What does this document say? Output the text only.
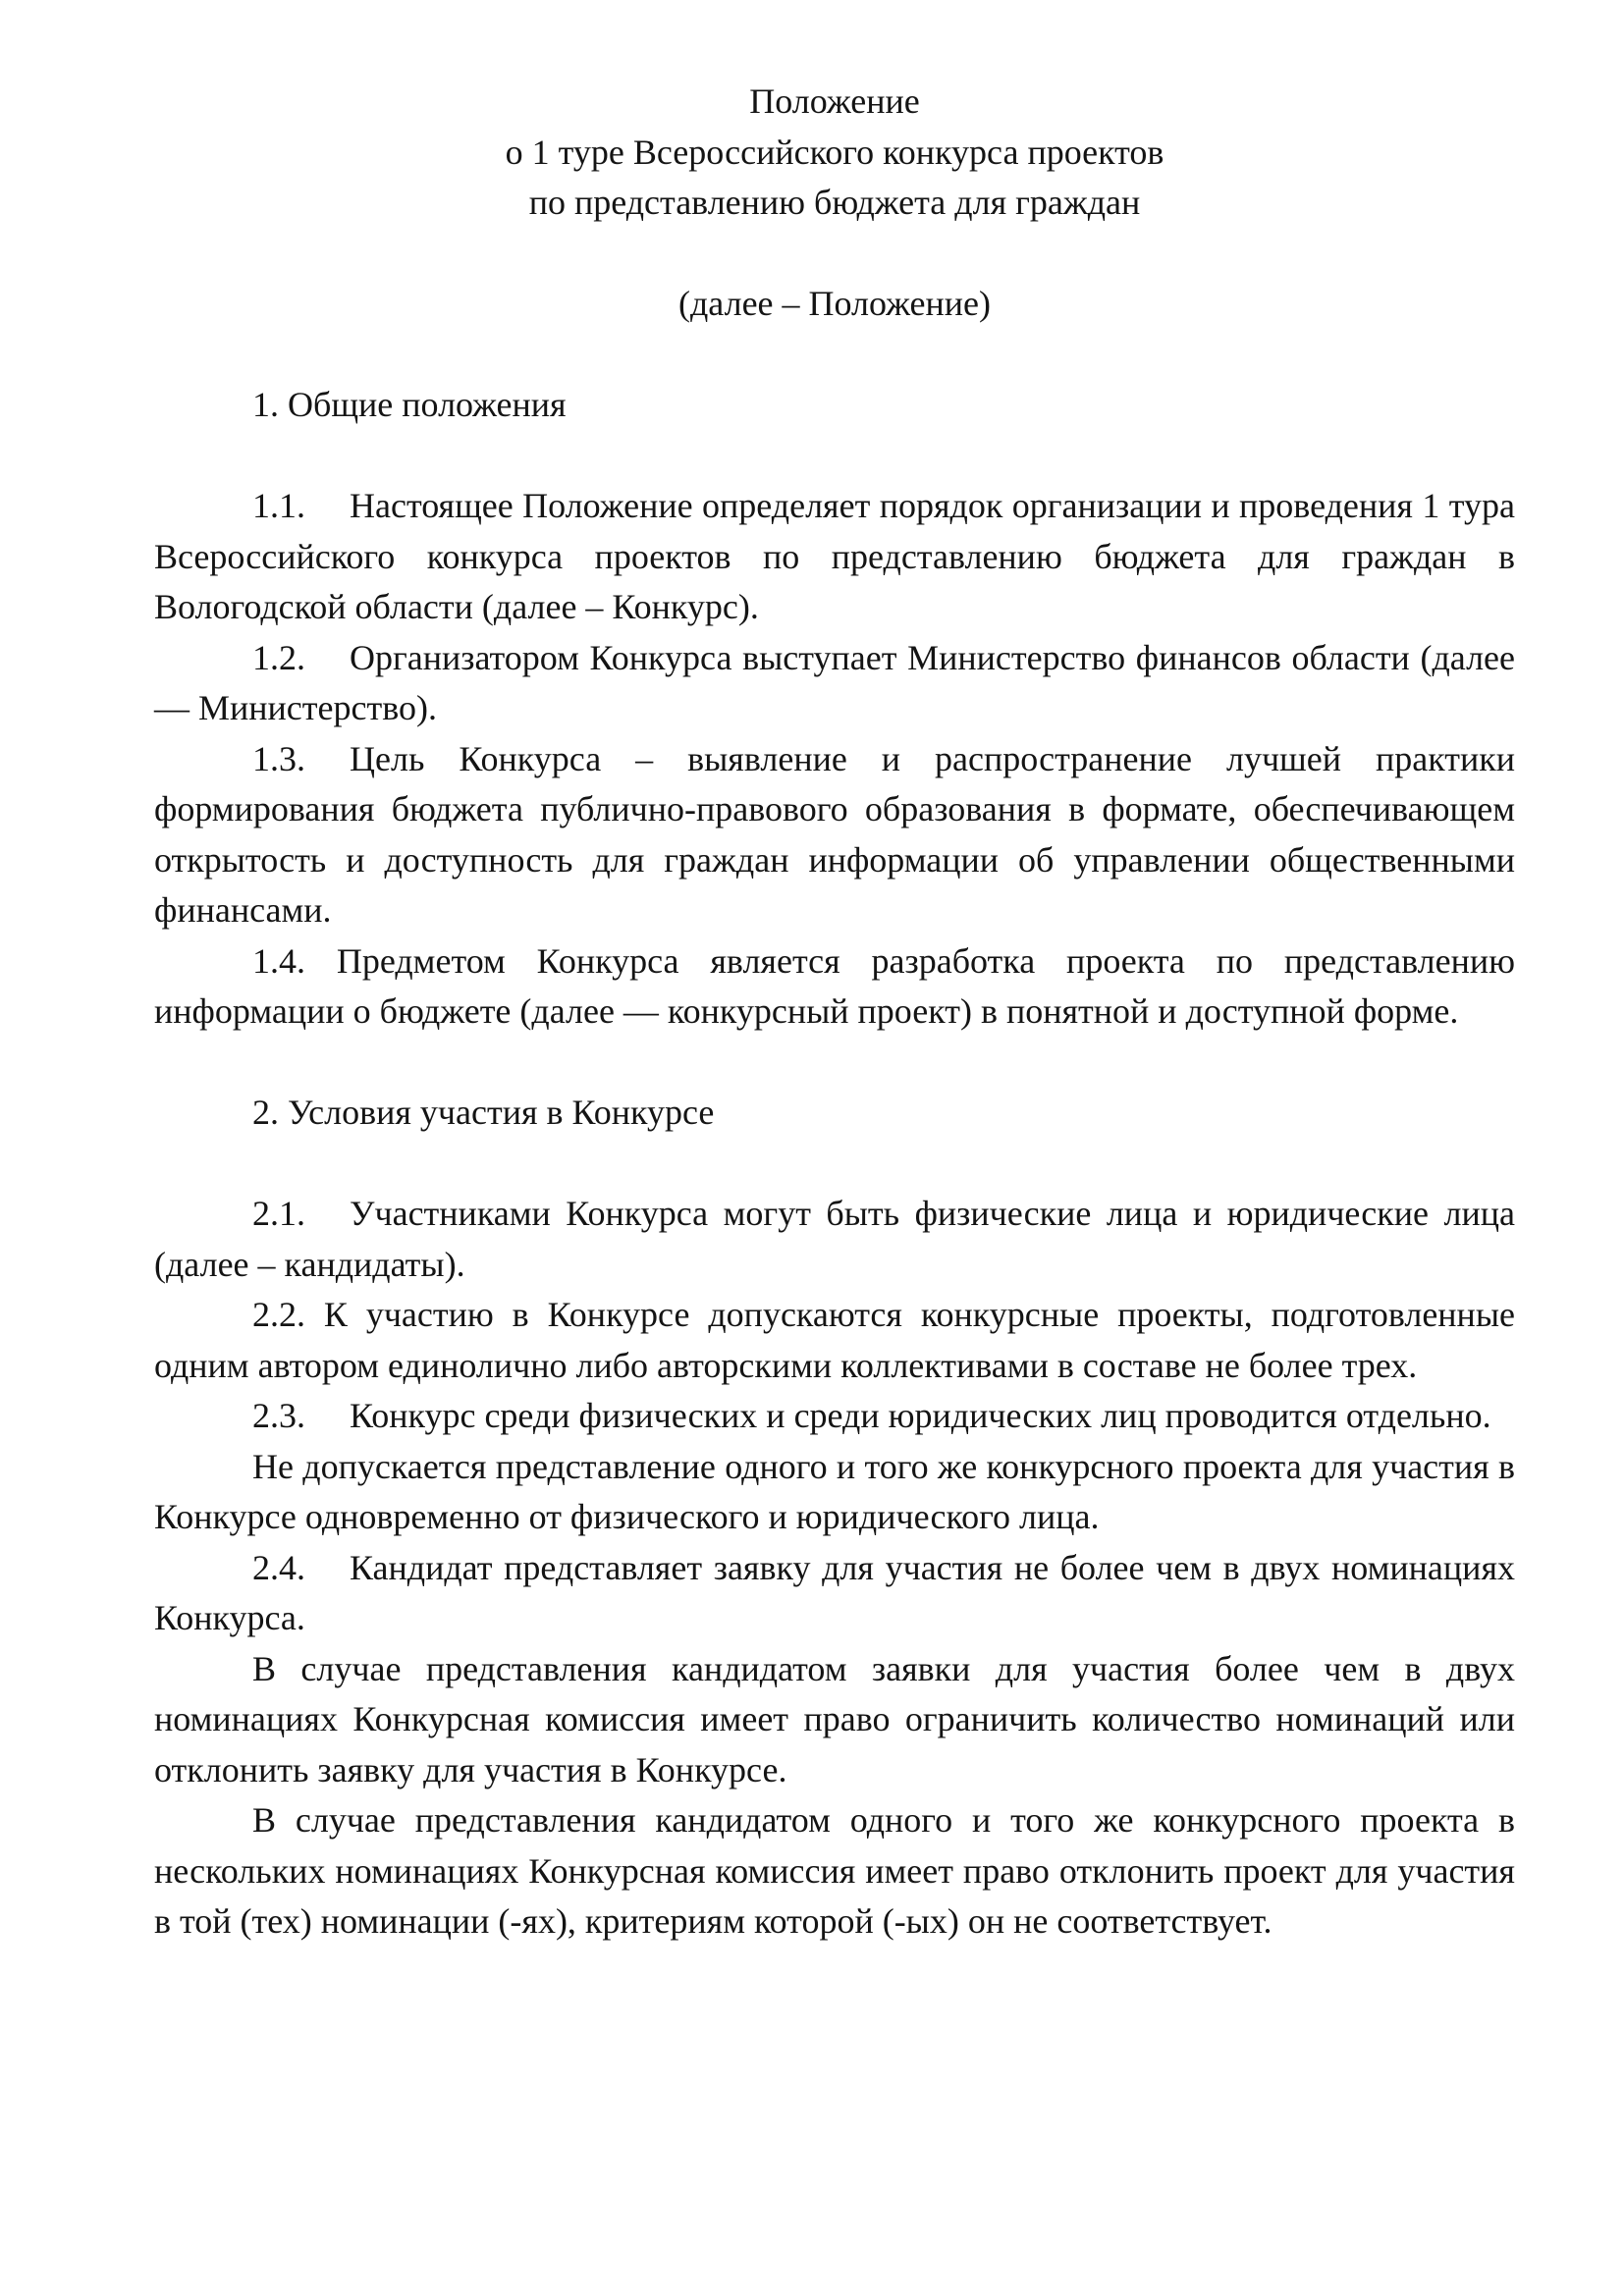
Положение
о 1 туре Всероссийского конкурса проектов
по представлению бюджета для граждан
(далее – Положение)
1. Общие положения

1.1. Настоящее Положение определяет порядок организации и проведения 1 тура Всероссийского конкурса проектов по представлению бюджета для граждан в Вологодской области (далее – Конкурс).

1.2. Организатором Конкурса выступает Министерство финансов области (далее — Министерство).

1.3. Цель Конкурса – выявление и распространение лучшей практики формирования бюджета публично-правового образования в формате, обеспечивающем открытость и доступность для граждан информации об управлении общественными финансами.

1.4. Предметом Конкурса является разработка проекта по представлению информации о бюджете (далее — конкурсный проект) в понятной и доступной форме.

2. Условия участия в Конкурсе

2.1. Участниками Конкурса могут быть физические лица и юридические лица (далее – кандидаты).

2.2. К участию в Конкурсе допускаются конкурсные проекты, подготовленные одним автором единолично либо авторскими коллективами в составе не более трех.

2.3. Конкурс среди физических и среди юридических лиц проводится отдельно.

Не допускается представление одного и того же конкурсного проекта для участия в Конкурсе одновременно от физического и юридического лица.

2.4. Кандидат представляет заявку для участия не более чем в двух номинациях Конкурса.

В случае представления кандидатом заявки для участия более чем в двух номинациях Конкурсная комиссия имеет право ограничить количество номинаций или отклонить заявку для участия в Конкурсе.

В случае представления кандидатом одного и того же конкурсного проекта в нескольких номинациях Конкурсная комиссия имеет право отклонить проект для участия в той (тех) номинации (-ях), критериям которой (-ых) он не соответствует.
